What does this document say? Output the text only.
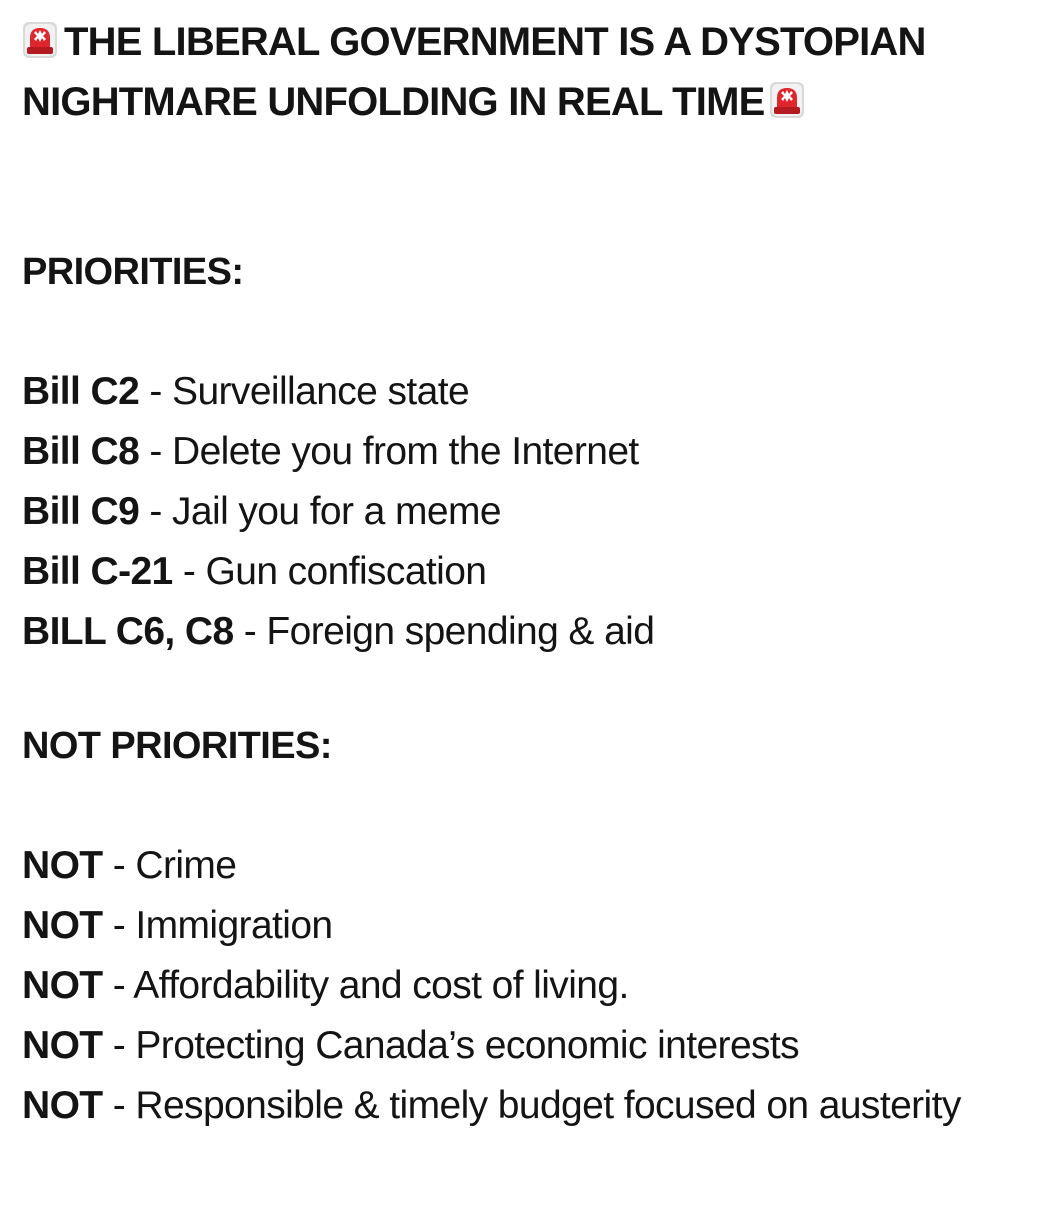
THE LIBERAL GOVERNMENT IS A DYSTOPIAN NIGHTMARE UNFOLDING IN REAL TIME
PRIORITIES:
Bill C2 - Surveillance state
Bill C8 - Delete you from the Internet
Bill C9 - Jail you for a meme
Bill C-21 - Gun confiscation
BILL C6, C8 - Foreign spending & aid
NOT PRIORITIES:
NOT - Crime
NOT - Immigration
NOT - Affordability and cost of living.
NOT - Protecting Canada’s economic interests
NOT - Responsible & timely budget focused on austerity
